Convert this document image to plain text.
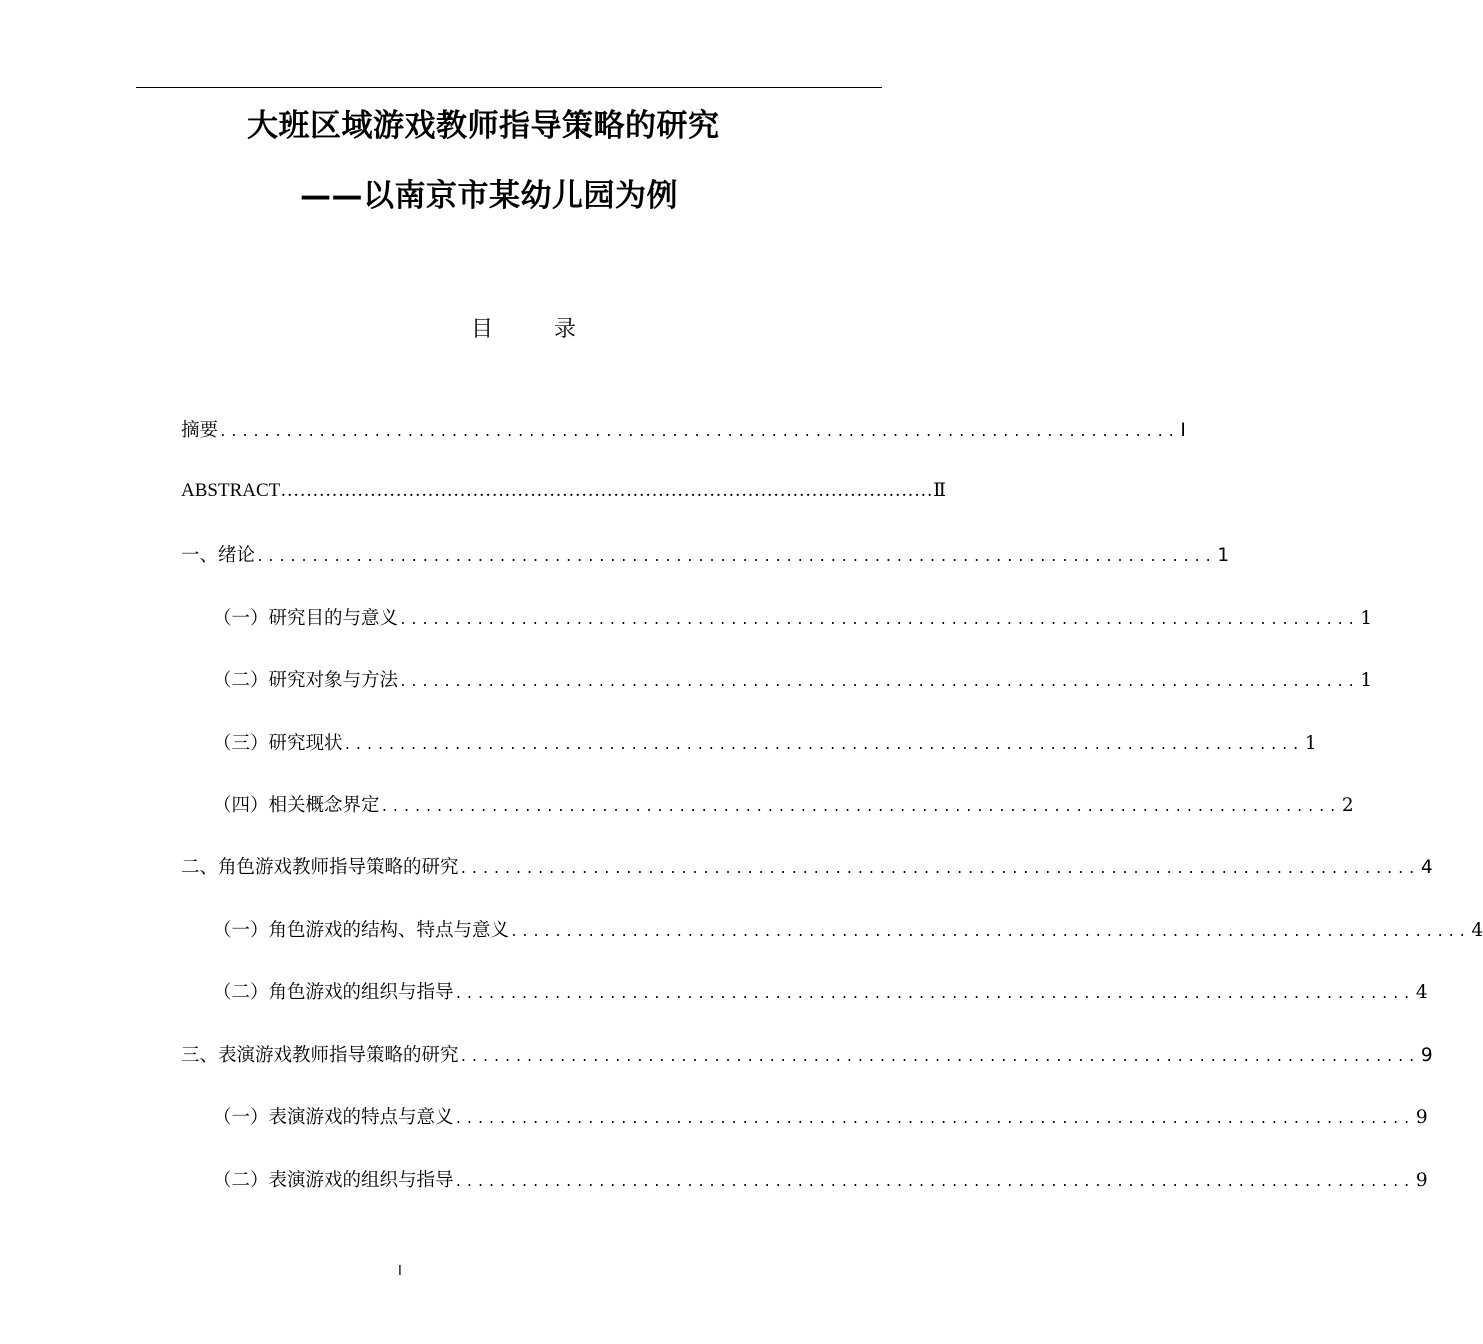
大班区域游戏教师指导策略的研究
——以南京市某幼儿园为例
目 录
摘要 ....................................................................................... Ⅰ
ABSTRACT ………………………………………………………………………………………… Ⅱ
一、绪论 ....................................................................................... 1
（一）研究目的与意义 ....................................................................................... 1
（二）研究对象与方法 ....................................................................................... 1
（三）研究现状 ....................................................................................... 1
（四）相关概念界定 ....................................................................................... 2
二、角色游戏教师指导策略的研究 ....................................................................................... 4
（一）角色游戏的结构、特点与意义 ....................................................................................... 4
（二）角色游戏的组织与指导 ....................................................................................... 4
三、表演游戏教师指导策略的研究 ....................................................................................... 9
（一）表演游戏的特点与意义 ....................................................................................... 9
（二）表演游戏的组织与指导 ....................................................................................... 9
Ⅰ
